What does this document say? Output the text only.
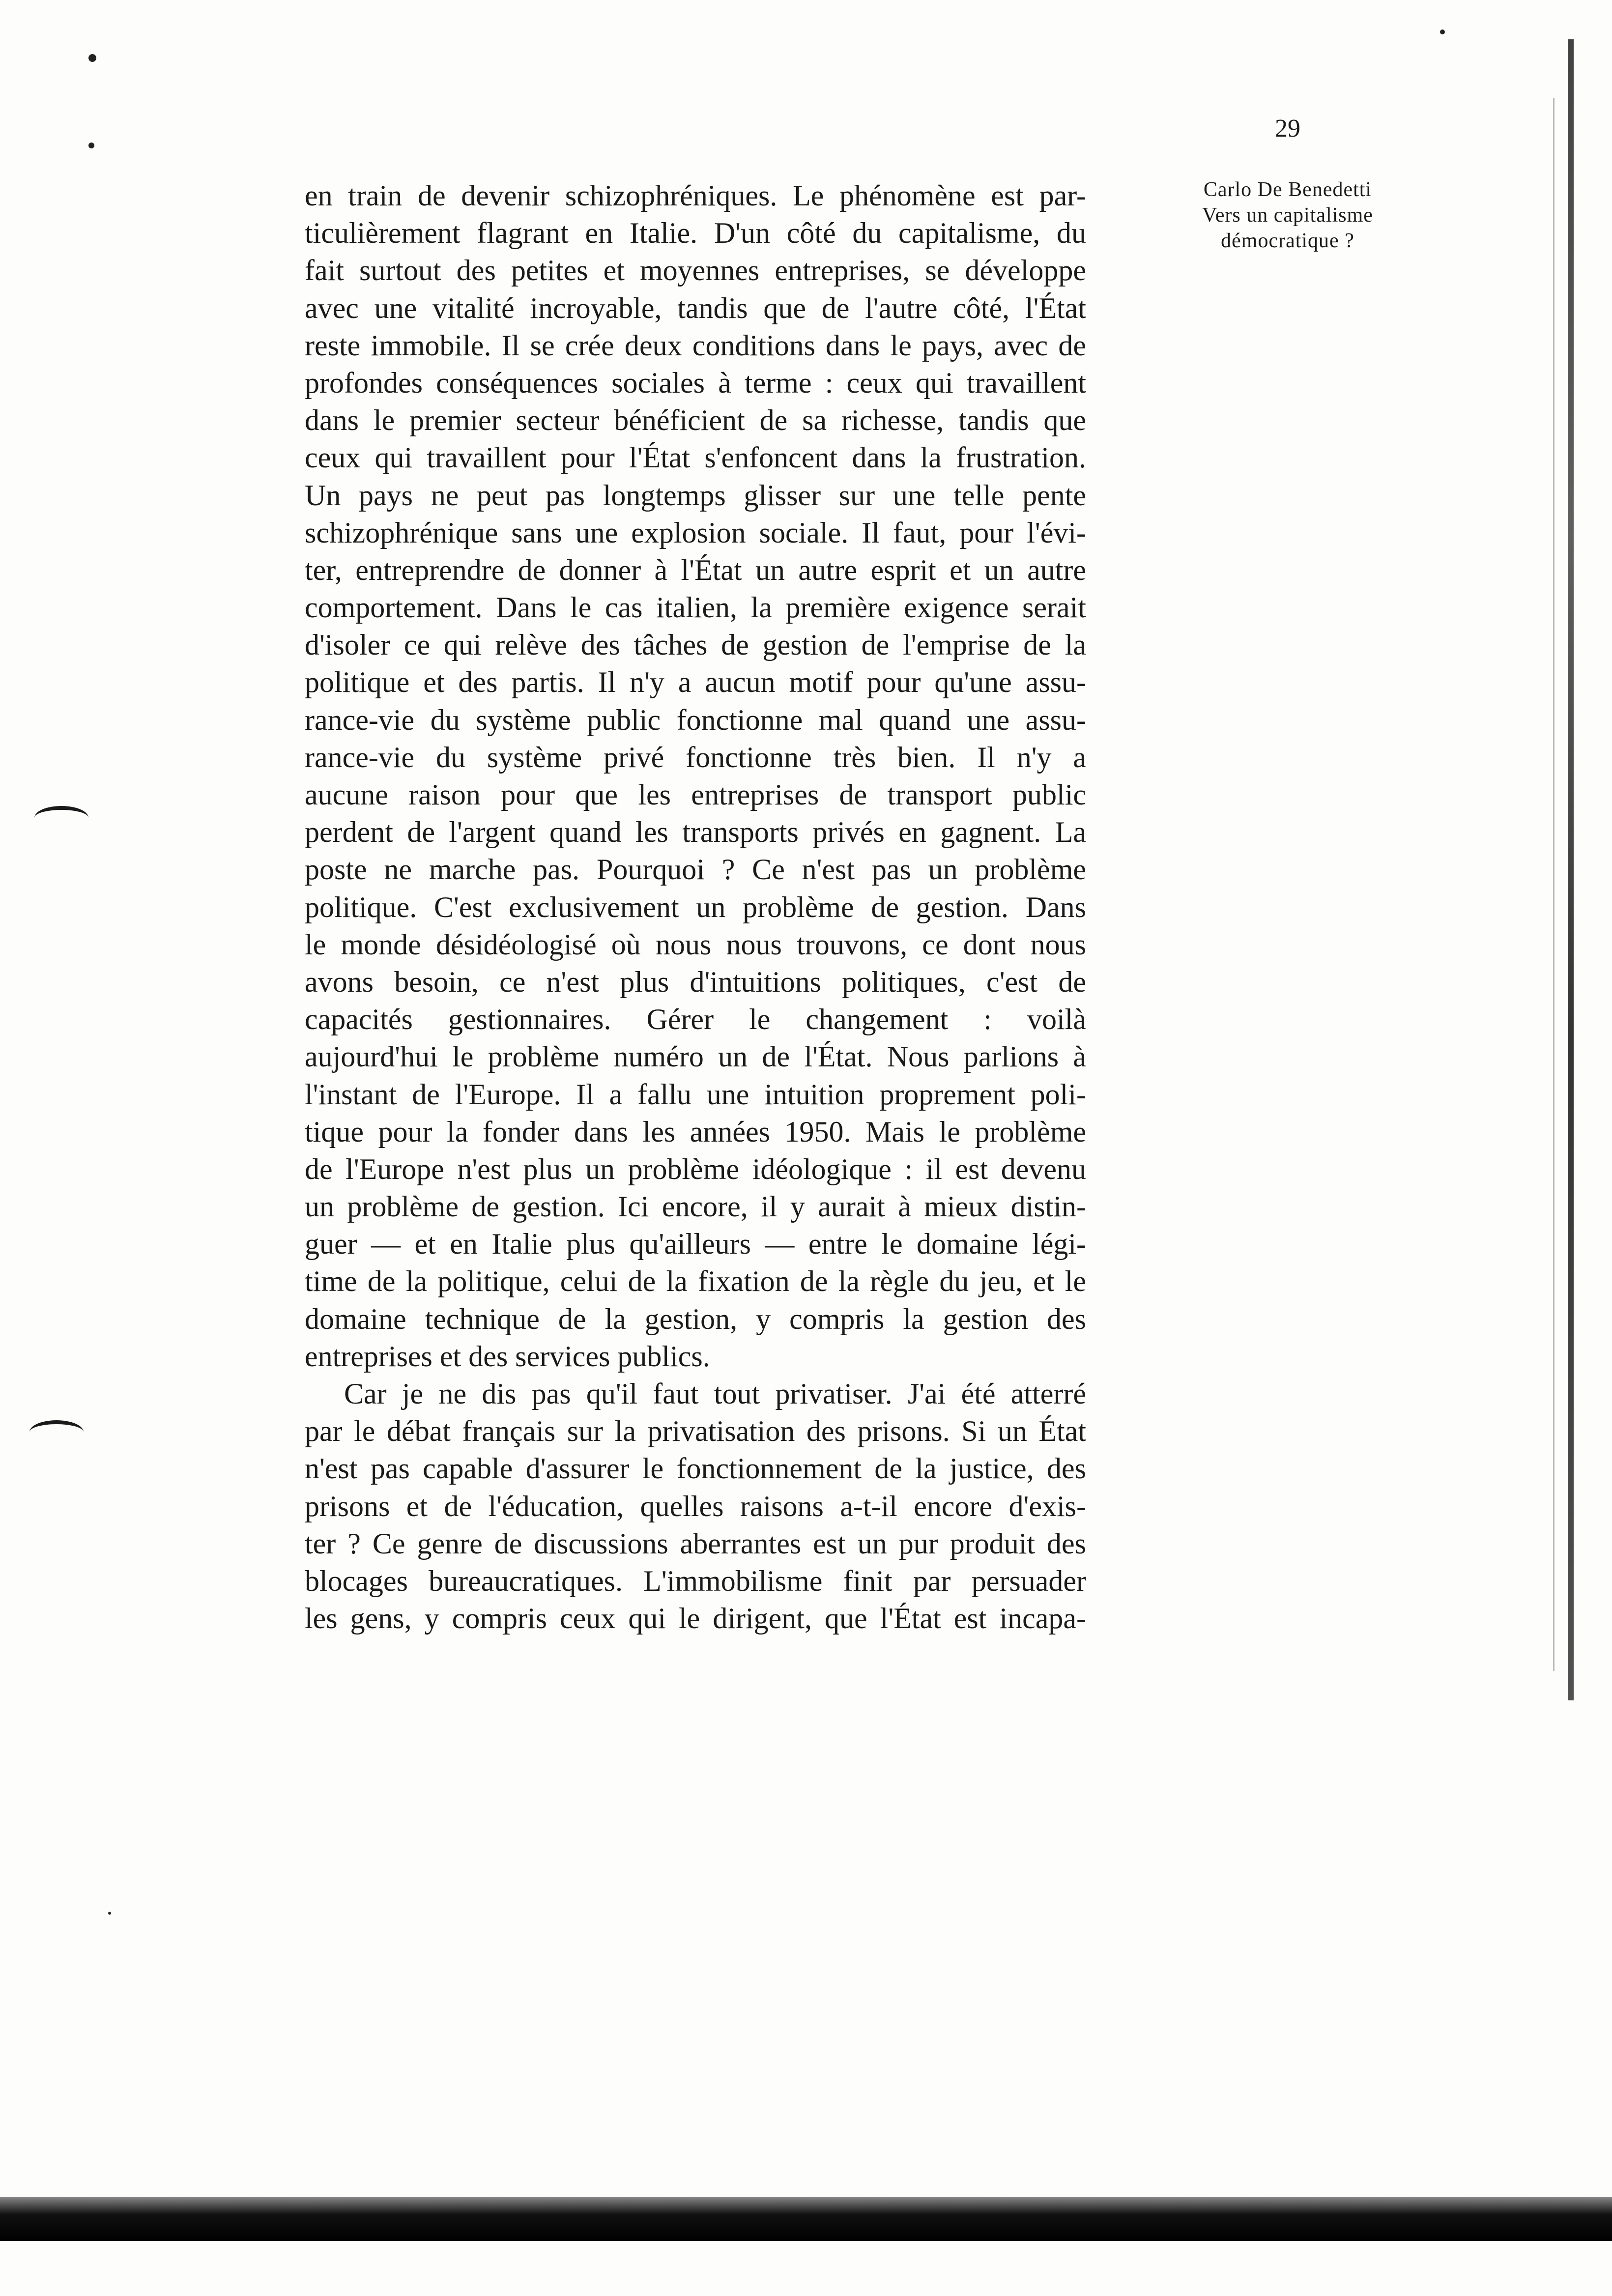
29
Carlo De Benedetti
Vers un capitalisme
démocratique ?
en train de devenir schizophréniques. Le phénomène est par-
ticulièrement flagrant en Italie. D'un côté du capitalisme, du
fait surtout des petites et moyennes entreprises, se développe
avec une vitalité incroyable, tandis que de l'autre côté, l'État
reste immobile. Il se crée deux conditions dans le pays, avec de
profondes conséquences sociales à terme : ceux qui travaillent
dans le premier secteur bénéficient de sa richesse, tandis que
ceux qui travaillent pour l'État s'enfoncent dans la frustration.
Un pays ne peut pas longtemps glisser sur une telle pente
schizophrénique sans une explosion sociale. Il faut, pour l'évi-
ter, entreprendre de donner à l'État un autre esprit et un autre
comportement. Dans le cas italien, la première exigence serait
d'isoler ce qui relève des tâches de gestion de l'emprise de la
politique et des partis. Il n'y a aucun motif pour qu'une assu-
rance-vie du système public fonctionne mal quand une assu-
rance-vie du système privé fonctionne très bien. Il n'y a
aucune raison pour que les entreprises de transport public
perdent de l'argent quand les transports privés en gagnent. La
poste ne marche pas. Pourquoi ? Ce n'est pas un problème
politique. C'est exclusivement un problème de gestion. Dans
le monde désidéologisé où nous nous trouvons, ce dont nous
avons besoin, ce n'est plus d'intuitions politiques, c'est de
capacités gestionnaires. Gérer le changement : voilà
aujourd'hui le problème numéro un de l'État. Nous parlions à
l'instant de l'Europe. Il a fallu une intuition proprement poli-
tique pour la fonder dans les années 1950. Mais le problème
de l'Europe n'est plus un problème idéologique : il est devenu
un problème de gestion. Ici encore, il y aurait à mieux distin-
guer — et en Italie plus qu'ailleurs — entre le domaine légi-
time de la politique, celui de la fixation de la règle du jeu, et le
domaine technique de la gestion, y compris la gestion des
entreprises et des services publics.
Car je ne dis pas qu'il faut tout privatiser. J'ai été atterré
par le débat français sur la privatisation des prisons. Si un État
n'est pas capable d'assurer le fonctionnement de la justice, des
prisons et de l'éducation, quelles raisons a-t-il encore d'exis-
ter ? Ce genre de discussions aberrantes est un pur produit des
blocages bureaucratiques. L'immobilisme finit par persuader
les gens, y compris ceux qui le dirigent, que l'État est incapa-
